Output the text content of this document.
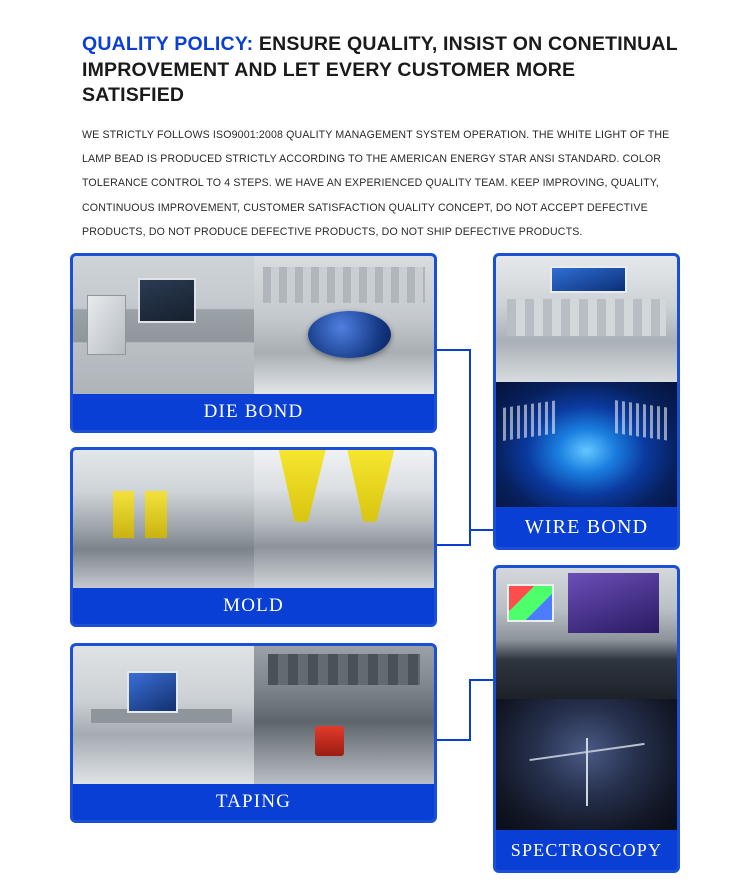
QUALITY POLICY: ENSURE QUALITY, INSIST ON CONETINUAL IMPROVEMENT AND LET EVERY CUSTOMER MORE SATISFIED

WE STRICTLY FOLLOWS ISO9001:2008 QUALITY MANAGEMENT SYSTEM OPERATION. THE WHITE LIGHT OF THE LAMP BEAD IS PRODUCED STRICTLY ACCORDING TO THE AMERICAN ENERGY STAR ANSI STANDARD. COLOR TOLERANCE CONTROL TO 4 STEPS. WE HAVE AN EXPERIENCED QUALITY TEAM. KEEP IMPROVING, QUALITY, CONTINUOUS IMPROVEMENT, CUSTOMER SATISFACTION QUALITY CONCEPT, DO NOT ACCEPT DEFECTIVE PRODUCTS, DO NOT PRODUCE DEFECTIVE PRODUCTS, DO NOT SHIP DEFECTIVE PRODUCTS.

DIE BOND
MOLD
TAPING
WIRE BOND
SPECTROSCOPY
